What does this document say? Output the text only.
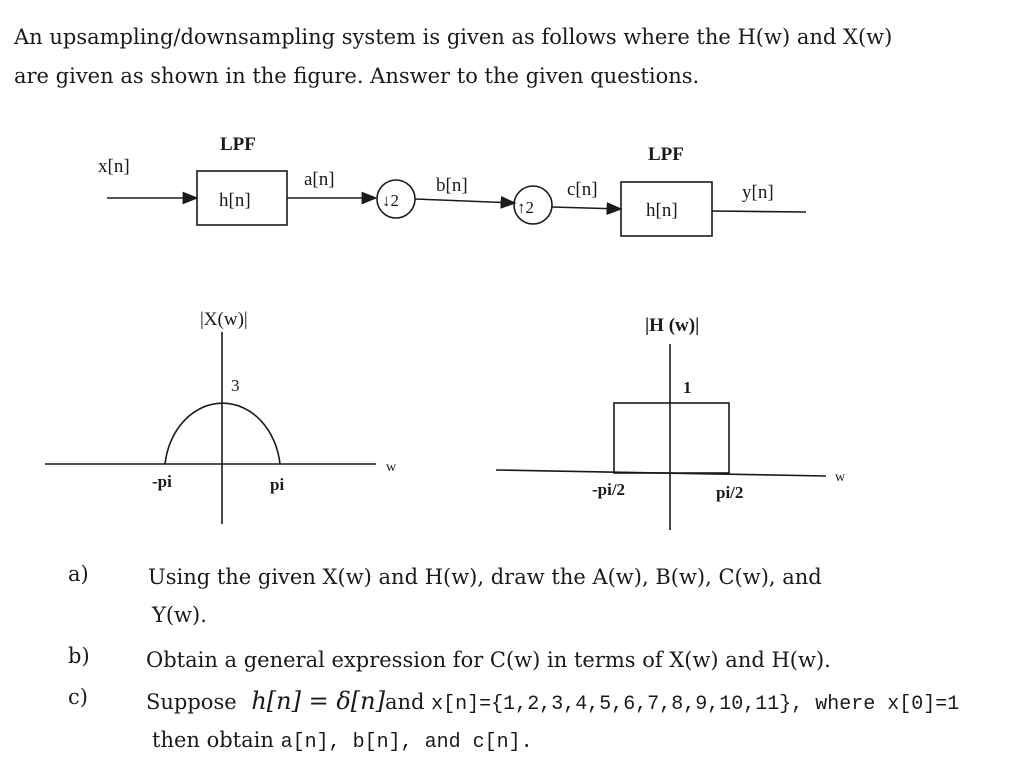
An upsampling/downsampling system is given as follows where the H(w) and X(w)
are given as shown in the figure. Answer to the given questions.
x[n]
LPF
h[n]
a[n]
↓2
b[n]
↑2
c[n]
LPF
h[n]
y[n]
|X(w)|
3
-pi	pi
w
|H (w)|
1
-pi/2	pi/2
w
a)	Using the given X(w) and H(w), draw the A(w), B(w), C(w), and
Y(w).
b)	Obtain a general expression for C(w) in terms of X(w) and H(w).
c)	Suppose h[n] = δ[n]and x[n]={1,2,3,4,5,6,7,8,9,10,11}, where x[0]=1
then obtain a[n], b[n], and c[n].
